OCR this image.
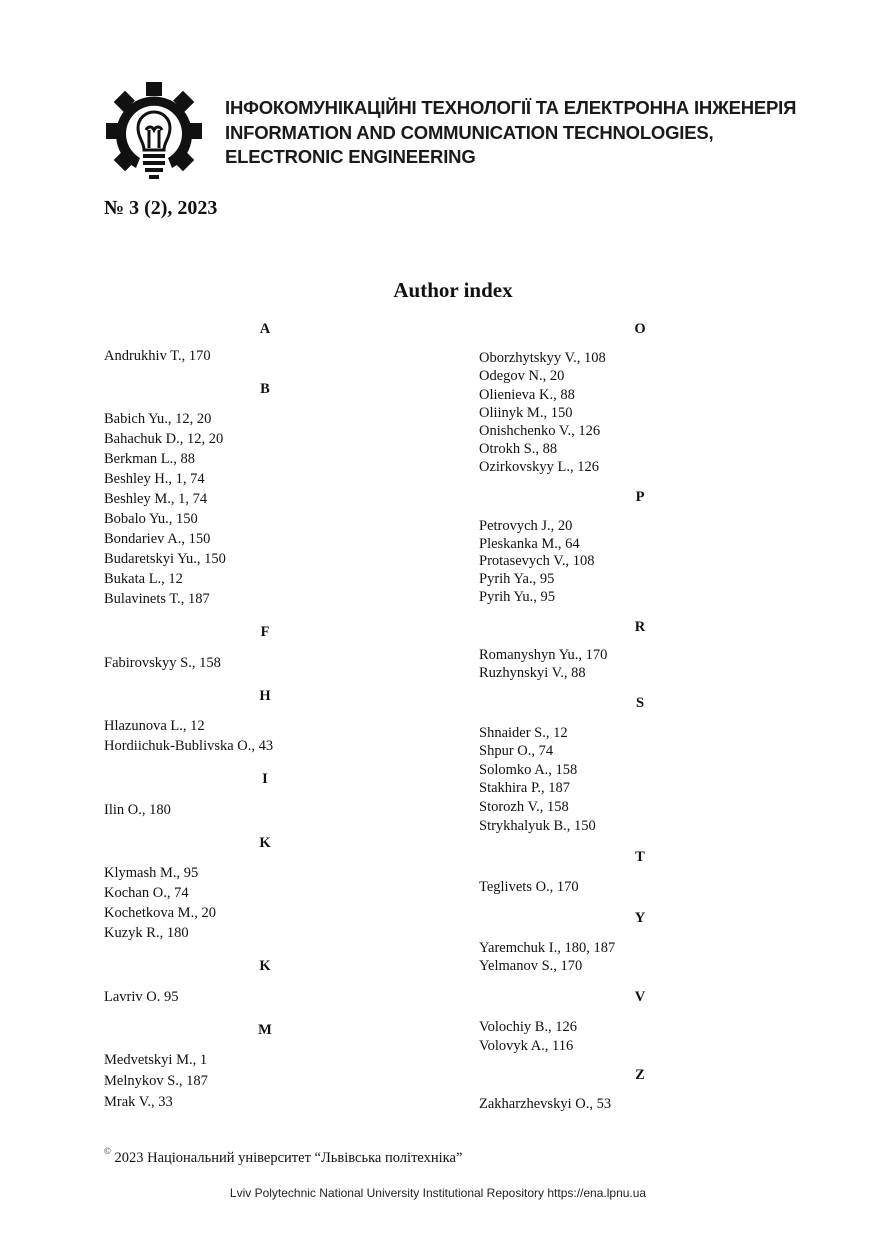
ІНФОКОМУНІКАЦІЙНІ ТЕХНОЛОГІЇ ТА ЕЛЕКТРОННА ІНЖЕНЕРІЯ
INFORMATION AND COMMUNICATION TECHNOLOGIES,
ELECTRONIC ENGINEERING
№ 3 (2), 2023
Author index
A
Andrukhiv T., 170
B
Babich Yu., 12, 20
Bahachuk D., 12, 20
Berkman L., 88
Beshley H., 1, 74
Beshley M., 1, 74
Bobalo Yu., 150
Bondariev A., 150
Budaretskyi Yu., 150
Bukata L., 12
Bulavinets T., 187
F
Fabirovskyy S., 158
H
Hlazunova L., 12
Hordiichuk-Bublivska O., 43
I
Ilin O., 180
K
Klymash M., 95
Kochan O., 74
Kochetkova M., 20
Kuzyk R., 180
K
Lavriv O. 95
M
Medvetskyi M., 1
Melnykov S., 187
Mrak V., 33
O
Oborzhytskyy V., 108
Odegov N., 20
Olienieva K., 88
Oliinyk M., 150
Onishchenko V., 126
Otrokh S., 88
Ozirkovskyy L., 126
P
Petrovych J., 20
Pleskanka M., 64
Protasevych V., 108
Pyrih Ya., 95
Pyrih Yu., 95
R
Romanyshyn Yu., 170
Ruzhynskyi V., 88
S
Shnaider S., 12
Shpur O., 74
Solomko A., 158
Stakhira P., 187
Storozh V., 158
Strykhalyuk B., 150
T
Teglivets O., 170
Y
Yaremchuk I., 180, 187
Yelmanov S., 170
V
Volochiy B., 126
Volovyk A., 116
Z
Zakharzhevskyi O., 53
© 2023 Національний університет “Львівська політехніка”
Lviv Polytechnic National University Institutional Repository https://ena.lpnu.ua
